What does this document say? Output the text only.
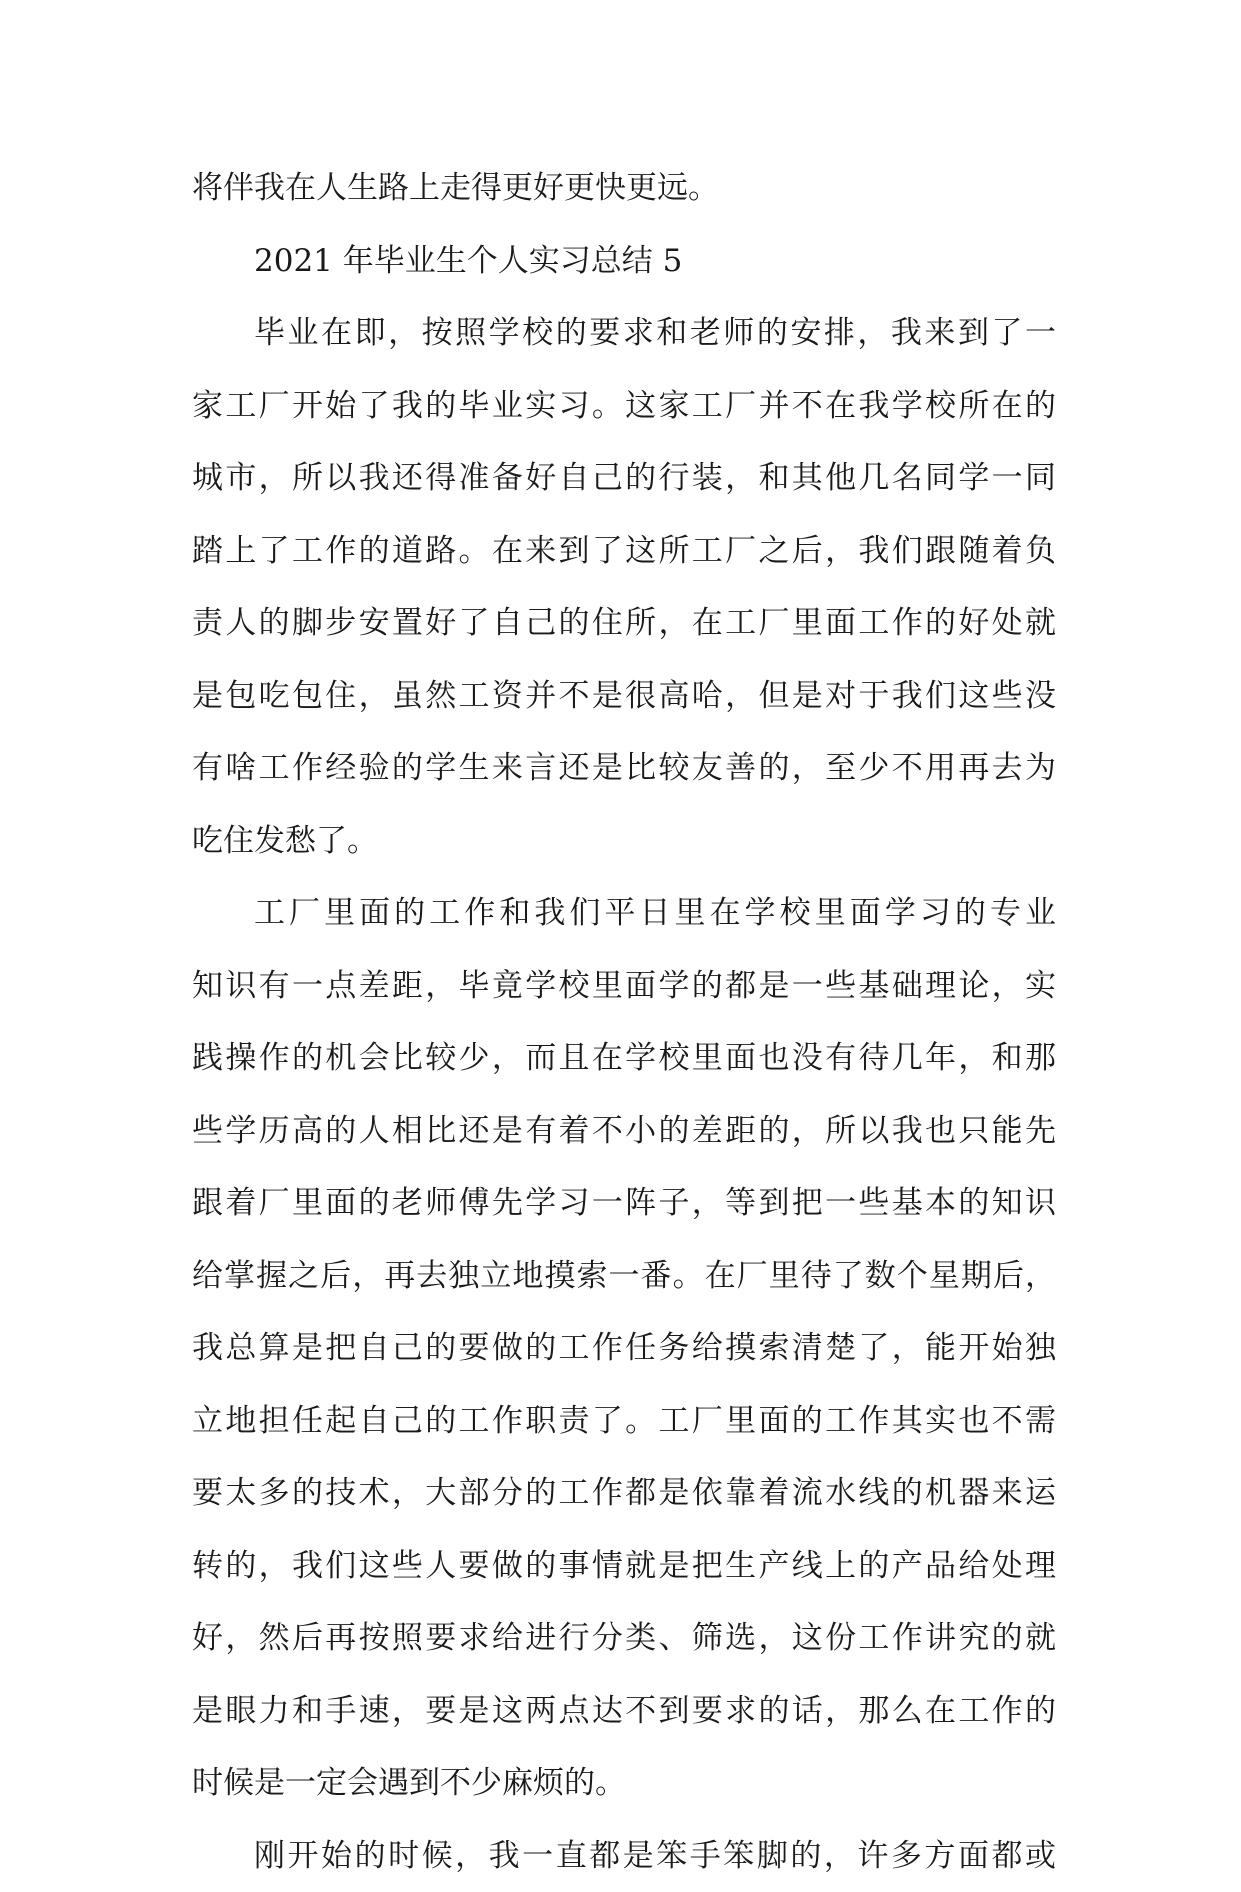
将伴我在人生路上走得更好更快更远。
2021 年毕业生个人实习总结 5
毕业在即，按照学校的要求和老师的安排，我来到了一
家工厂开始了我的毕业实习。这家工厂并不在我学校所在的
城市，所以我还得准备好自己的行装，和其他几名同学一同
踏上了工作的道路。在来到了这所工厂之后，我们跟随着负
责人的脚步安置好了自己的住所，在工厂里面工作的好处就
是包吃包住，虽然工资并不是很高哈，但是对于我们这些没
有啥工作经验的学生来言还是比较友善的，至少不用再去为
吃住发愁了。
工厂里面的工作和我们平日里在学校里面学习的专业
知识有一点差距，毕竟学校里面学的都是一些基础理论，实
践操作的机会比较少，而且在学校里面也没有待几年，和那
些学历高的人相比还是有着不小的差距的，所以我也只能先
跟着厂里面的老师傅先学习一阵子，等到把一些基本的知识
给掌握之后，再去独立地摸索一番。在厂里待了数个星期后，
我总算是把自己的要做的工作任务给摸索清楚了，能开始独
立地担任起自己的工作职责了。工厂里面的工作其实也不需
要太多的技术，大部分的工作都是依靠着流水线的机器来运
转的，我们这些人要做的事情就是把生产线上的产品给处理
好，然后再按照要求给进行分类、筛选，这份工作讲究的就
是眼力和手速，要是这两点达不到要求的话，那么在工作的
时候是一定会遇到不少麻烦的。
刚开始的时候，我一直都是笨手笨脚的，许多方面都或
